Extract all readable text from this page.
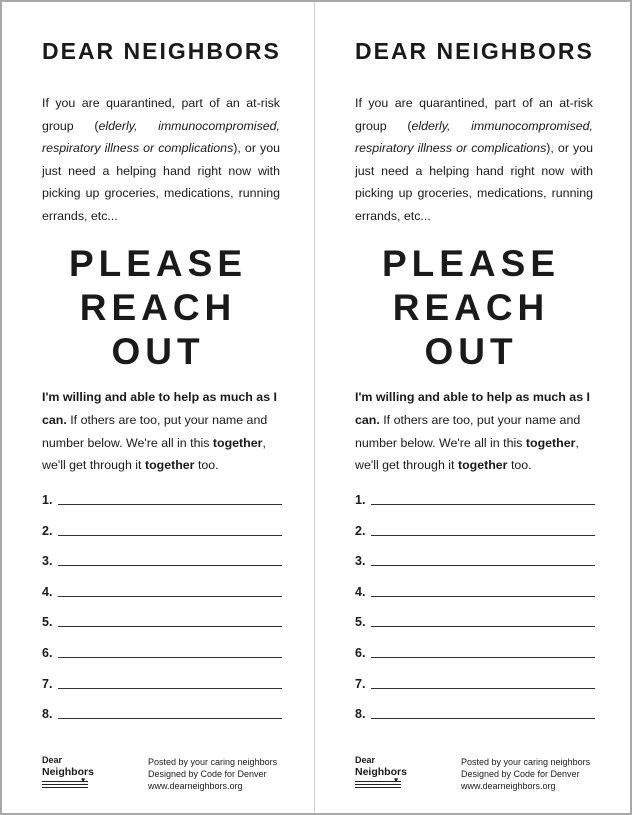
DEAR NEIGHBORS

If you are quarantined, part of an at-risk group (elderly, immunocompromised, respiratory illness or complications), or you just need a helping hand right now with picking up groceries, medications, running errands, etc...

PLEASE
REACH
OUT

I'm willing and able to help as much as I can. If others are too, put your name and number below. We're all in this together, we'll get through it together too.

1.
2.
3.
4.
5.
6.
7.
8.
Dear
Neighbors
♥
Posted by your caring neighbors
Designed by Code for Denver
www.dearneighbors.org
DEAR NEIGHBORS

If you are quarantined, part of an at-risk group (elderly, immunocompromised, respiratory illness or complications), or you just need a helping hand right now with picking up groceries, medications, running errands, etc...

PLEASE
REACH
OUT

I'm willing and able to help as much as I can. If others are too, put your name and number below. We're all in this together, we'll get through it together too.

1.
2.
3.
4.
5.
6.
7.
8.
Dear
Neighbors
♥
Posted by your caring neighbors
Designed by Code for Denver
www.dearneighbors.org
